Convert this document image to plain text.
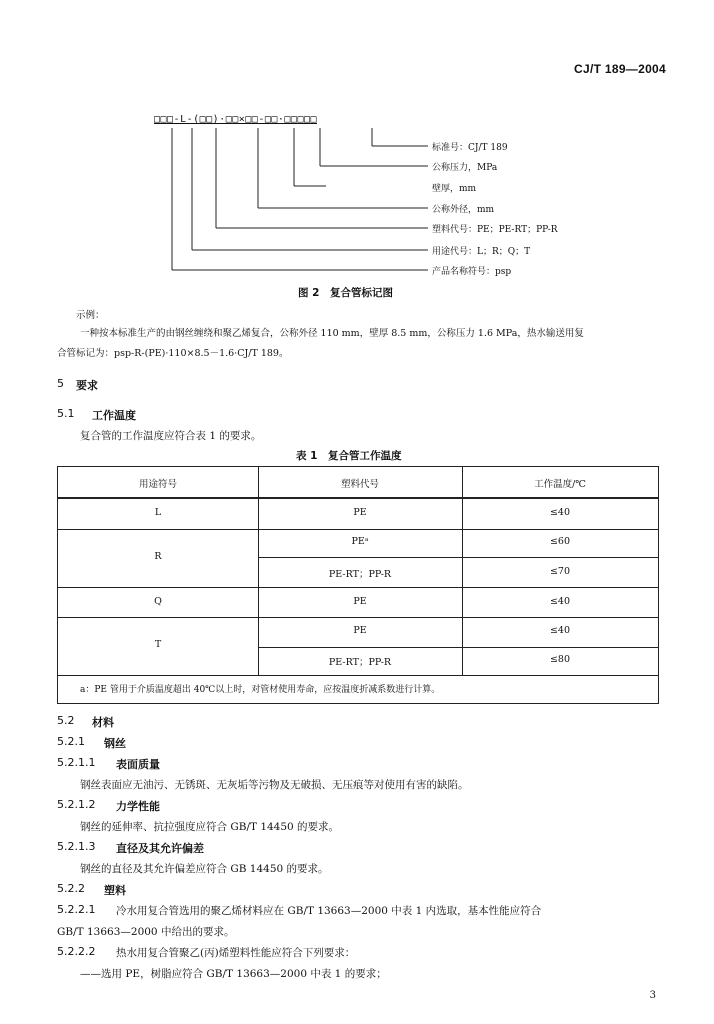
CJ/T 189—2004
□□□-L-(□□)·□□×□□-□□·□□□□□
标准号：CJ/T 189
公称压力，MPa
壁厚，mm
公称外径，mm
塑料代号：PE；PE-RT；PP-R
用途代号：L；R；Q；T
产品名称符号：psp
图 2　复合管标记图
示例：
一种按本标准生产的由钢丝缠绕和聚乙烯复合，公称外径 110 mm，壁厚 8.5 mm，公称压力 1.6 MPa，热水输送用复
合管标记为：psp-R-(PE)·110×8.5－1.6·CJ/T 189。
5 要求
5.1 工作温度
复合管的工作温度应符合表 1 的要求。
表 1　复合管工作温度
用途符号	塑料代号	工作温度/℃
L	PE	≤40
R
PEᵃ	≤60
PE-RT；PP-R	≤70
Q	PE	≤40
T
PE	≤40
PE-RT；PP-R	≤80
a：PE 管用于介质温度超出 40℃以上时，对管材使用寿命，应按温度折减系数进行计算。
5.2 材料
5.2.1 钢丝
5.2.1.1 表面质量
钢丝表面应无油污、无锈斑、无灰垢等污物及无破损、无压痕等对使用有害的缺陷。
5.2.1.2 力学性能
钢丝的延伸率、抗拉强度应符合 GB/T 14450 的要求。
5.2.1.3 直径及其允许偏差
钢丝的直径及其允许偏差应符合 GB 14450 的要求。
5.2.2 塑料
5.2.2.1 冷水用复合管选用的聚乙烯材料应在 GB/T 13663—2000 中表 1 内选取，基本性能应符合
GB/T 13663—2000 中给出的要求。
5.2.2.2 热水用复合管聚乙(丙)烯塑料性能应符合下列要求：
——选用 PE，树脂应符合 GB/T 13663—2000 中表 1 的要求；
3
